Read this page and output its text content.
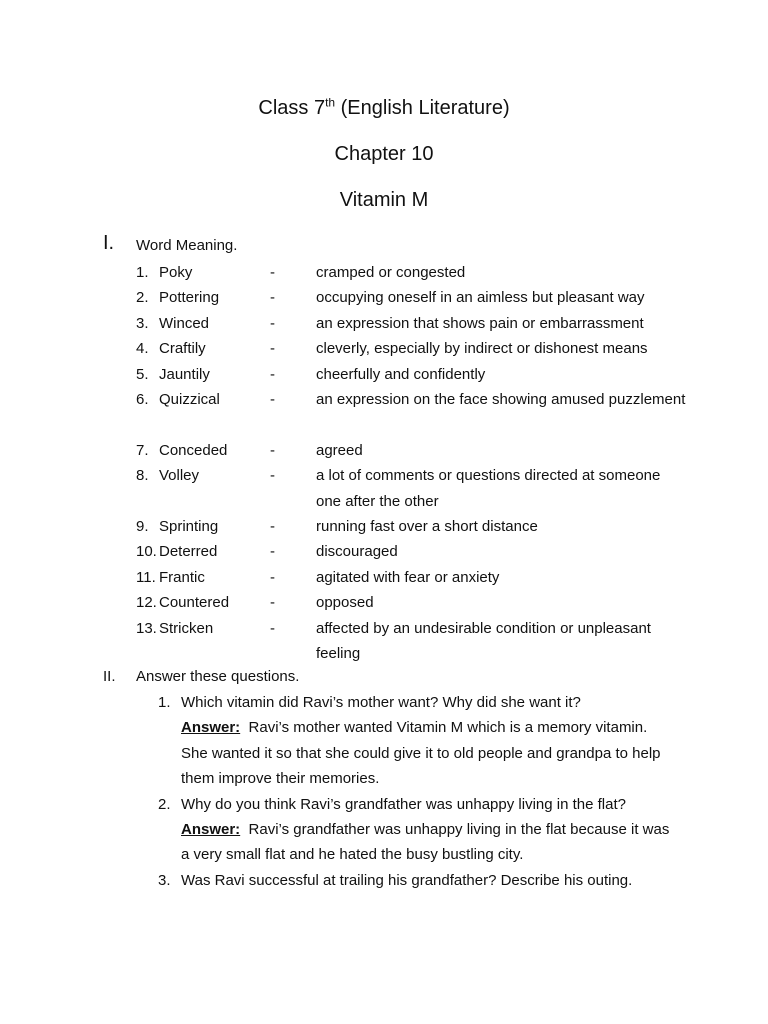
Class 7th (English Literature)
Chapter 10
Vitamin M
I. Word Meaning.
1. Poky	-	cramped or congested
2. Pottering	-	occupying oneself in an aimless but pleasant way
3. Winced	-	an expression that shows pain or embarrassment
4. Craftily	-	cleverly, especially by indirect or dishonest means
5. Jauntily	-	cheerfully and confidently
6. Quizzical	-	an expression on the face showing amused puzzlement
7. Conceded	-	agreed
8. Volley	-	a lot of comments or questions directed at someone one after the other
9. Sprinting	-	running fast over a short distance
10. Deterred	-	discouraged
11. Frantic	-	agitated with fear or anxiety
12. Countered	-	opposed
13. Stricken	-	affected by an undesirable condition or unpleasant feeling
II. Answer these questions.
1. Which vitamin did Ravi’s mother want? Why did she want it?
Answer: Ravi’s mother wanted Vitamin M which is a memory vitamin. She wanted it so that she could give it to old people and grandpa to help them improve their memories.
2. Why do you think Ravi’s grandfather was unhappy living in the flat?
Answer: Ravi’s grandfather was unhappy living in the flat because it was a very small flat and he hated the busy bustling city.
3. Was Ravi successful at trailing his grandfather? Describe his outing.
